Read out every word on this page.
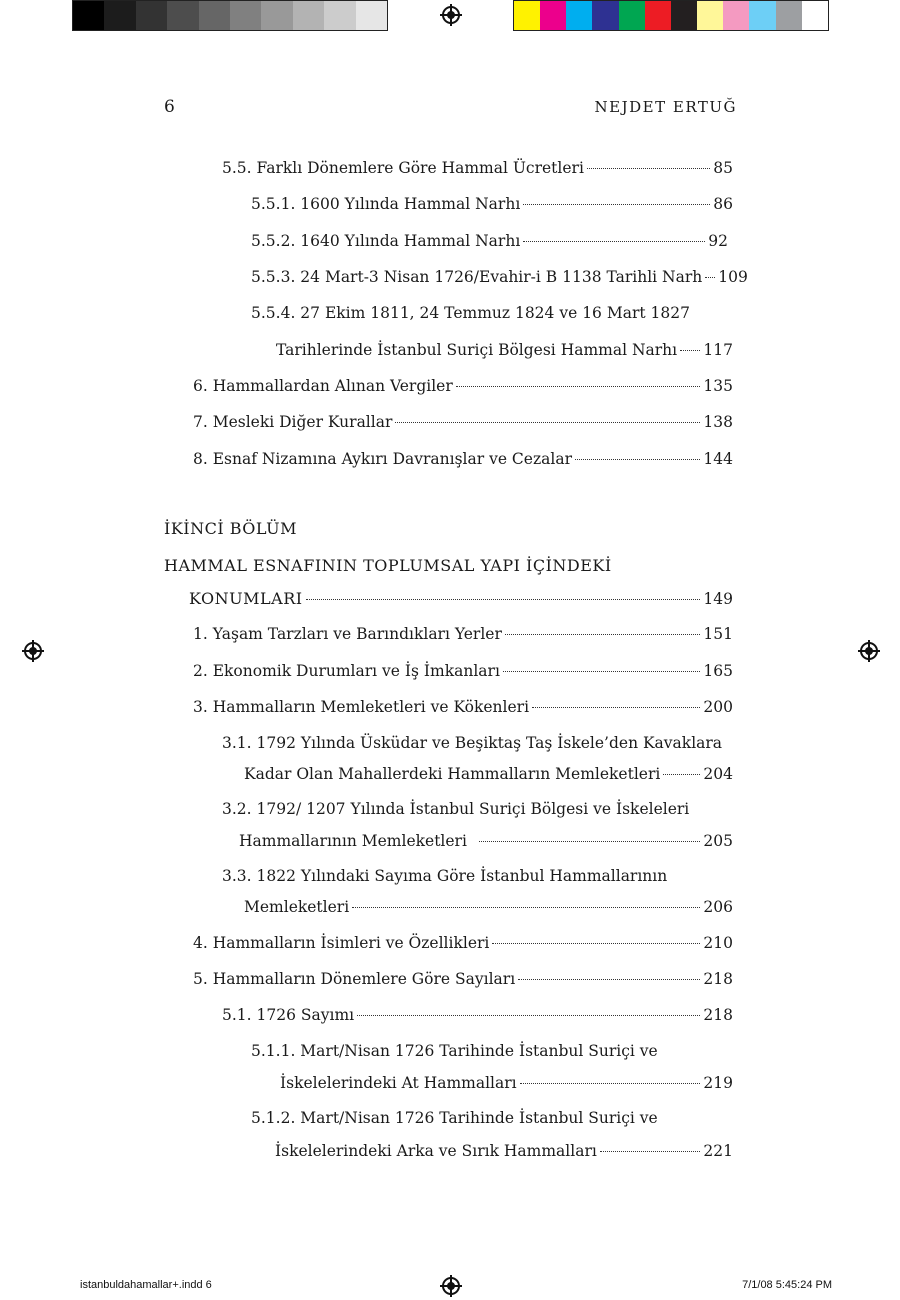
6	NEJDET ERTUĞ
5.5. Farklı Dönemlere Göre Hammal Ücretleri	85
5.5.1. 1600 Yılında Hammal Narhı	86
5.5.2. 1640 Yılında Hammal Narhı	92
5.5.3. 24 Mart-3 Nisan 1726/Evahir-i B 1138 Tarihli Narh 109
5.5.4. 27 Ekim 1811, 24 Temmuz 1824 ve 16 Mart 1827
Tarihlerinde İstanbul Suriçi Bölgesi Hammal Narhı 117
6. Hammallardan Alınan Vergiler	135
7. Mesleki Diğer Kurallar	138
8. Esnaf Nizamına Aykırı Davranışlar ve Cezalar	144
İKİNCİ BÖLÜM
HAMMAL ESNAFININ TOPLUMSAL YAPI İÇİNDEKİ
KONUMLARI	149
1. Yaşam Tarzları ve Barındıkları Yerler	151
2. Ekonomik Durumları ve İş İmkanları	165
3. Hammalların Memleketleri ve Kökenleri	200
3.1. 1792 Yılında Üsküdar ve Beşiktaş Taş İskele’den Kavaklara
Kadar Olan Mahallerdeki Hammalların Memleketleri	204
3.2. 1792/ 1207 Yılında İstanbul Suriçi Bölgesi ve İskeleleri
Hammallarının Memleketleri	205
3.3. 1822 Yılındaki Sayıma Göre İstanbul Hammallarının
Memleketleri	206
4. Hammalların İsimleri ve Özellikleri	210
5. Hammalların Dönemlere Göre Sayıları	218
5.1. 1726 Sayımı	218
5.1.1. Mart/Nisan 1726 Tarihinde İstanbul Suriçi ve
İskelelerindeki At Hammalları	219
5.1.2. Mart/Nisan 1726 Tarihinde İstanbul Suriçi ve
İskelelerindeki Arka ve Sırık Hammalları	221
istanbuldahamallar+.indd 6	7/1/08 5:45:24 PM
